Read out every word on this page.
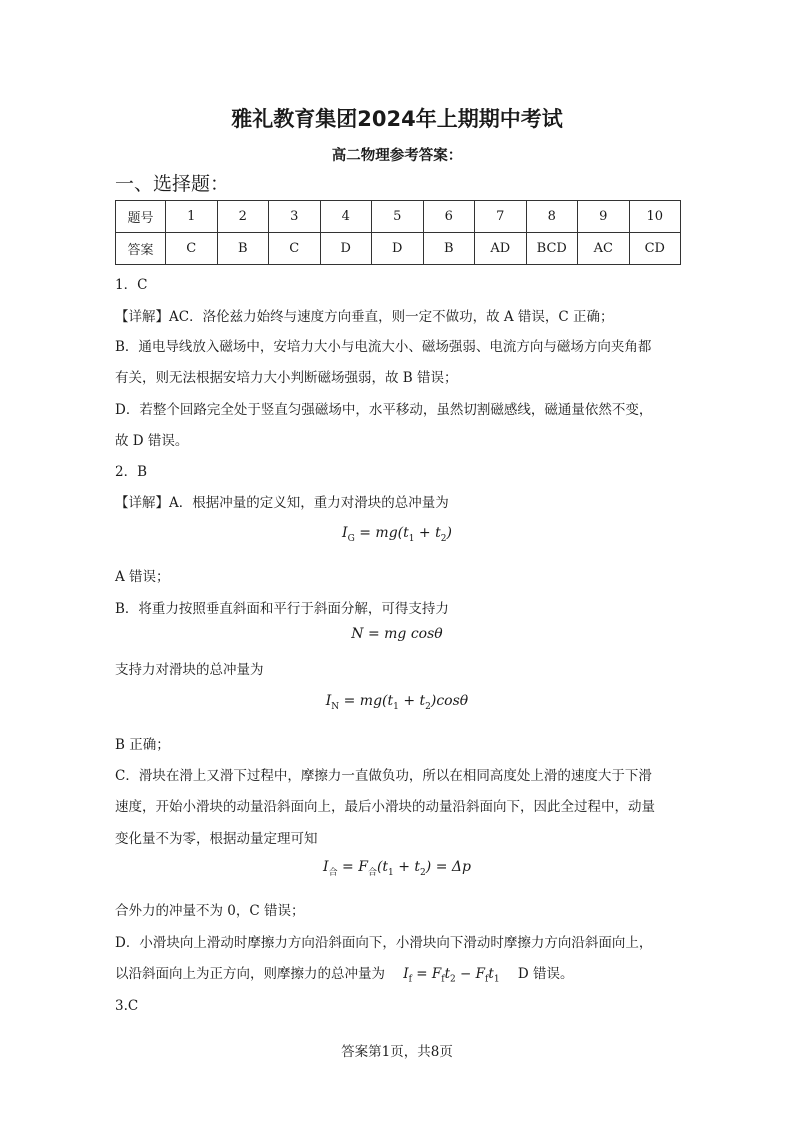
雅礼教育集团2024年上期期中考试
高二物理参考答案：
一、选择题：
题号	1	2	3	4	5	6	7	8	9	10
答案	C	B	C	D	D	B	AD	BCD	AC	CD
1．C
【详解】AC．洛伦兹力始终与速度方向垂直，则一定不做功，故 A 错误，C 正确；
B．通电导线放入磁场中，安培力大小与电流大小、磁场强弱、电流方向与磁场方向夹角都
有关，则无法根据安培力大小判断磁场强弱，故 B 错误；
D．若整个回路完全处于竖直匀强磁场中，水平移动，虽然切割磁感线，磁通量依然不变，
故 D 错误。
2．B
【详解】A．根据冲量的定义知，重力对滑块的总冲量为
$I_G = mg(t_1 + t_2)$
A 错误；
B．将重力按照垂直斜面和平行于斜面分解，可得支持力
N = mg cosθ
支持力对滑块的总冲量为
$I_N = mg(t_1 + t_2)\cos\theta$
B 正确；
C．滑块在滑上又滑下过程中，摩擦力一直做负功，所以在相同高度处上滑的速度大于下滑
速度，开始小滑块的动量沿斜面向上，最后小滑块的动量沿斜面向下，因此全过程中，动量
变化量不为零，根据动量定理可知
$I_合 = F_合(t_1 + t_2) = \Delta p$
合外力的冲量不为 0，C 错误；
D．小滑块向上滑动时摩擦力方向沿斜面向下，小滑块向下滑动时摩擦力方向沿斜面向上，
以沿斜面向上为正方向，则摩擦力的总冲量为 $I_f = F_ft_2 - F_ft_1$ D 错误。
3.C
答案第1页，共8页
